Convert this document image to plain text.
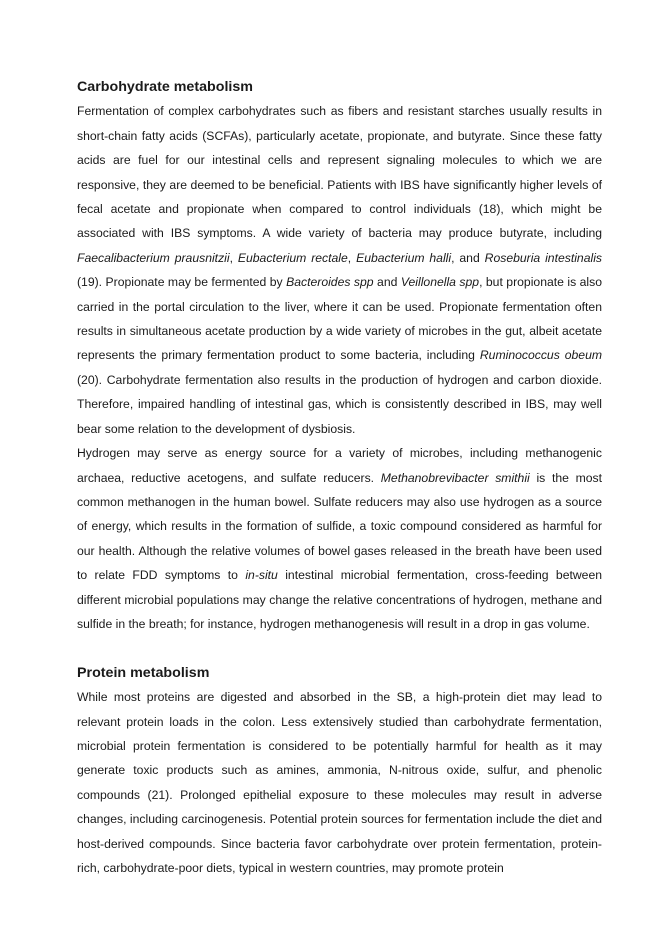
Carbohydrate metabolism

Fermentation of complex carbohydrates such as fibers and resistant starches usually results in short-chain fatty acids (SCFAs), particularly acetate, propionate, and butyrate. Since these fatty acids are fuel for our intestinal cells and represent signaling molecules to which we are responsive, they are deemed to be beneficial. Patients with IBS have significantly higher levels of fecal acetate and propionate when compared to control individuals (18), which might be associated with IBS symptoms. A wide variety of bacteria may produce butyrate, including Faecalibacterium prausnitzii, Eubacterium rectale, Eubacterium halli, and Roseburia intestinalis (19). Propionate may be fermented by Bacteroides spp and Veillonella spp, but propionate is also carried in the portal circulation to the liver, where it can be used. Propionate fermentation often results in simultaneous acetate production by a wide variety of microbes in the gut, albeit acetate represents the primary fermentation product to some bacteria, including Ruminococcus obeum (20). Carbohydrate fermentation also results in the production of hydrogen and carbon dioxide. Therefore, impaired handling of intestinal gas, which is consistently described in IBS, may well bear some relation to the development of dysbiosis.

Hydrogen may serve as energy source for a variety of microbes, including methanogenic archaea, reductive acetogens, and sulfate reducers. Methanobrevibacter smithii is the most common methanogen in the human bowel. Sulfate reducers may also use hydrogen as a source of energy, which results in the formation of sulfide, a toxic compound considered as harmful for our health. Although the relative volumes of bowel gases released in the breath have been used to relate FDD symptoms to in-situ intestinal microbial fermentation, cross-feeding between different microbial populations may change the relative concentrations of hydrogen, methane and sulfide in the breath; for instance, hydrogen methanogenesis will result in a drop in gas volume.

Protein metabolism

While most proteins are digested and absorbed in the SB, a high-protein diet may lead to relevant protein loads in the colon. Less extensively studied than carbohydrate fermentation, microbial protein fermentation is considered to be potentially harmful for health as it may generate toxic products such as amines, ammonia, N-nitrous oxide, sulfur, and phenolic compounds (21). Prolonged epithelial exposure to these molecules may result in adverse changes, including carcinogenesis. Potential protein sources for fermentation include the diet and host-derived compounds. Since bacteria favor carbohydrate over protein fermentation, protein-rich, carbohydrate-poor diets, typical in western countries, may promote protein
